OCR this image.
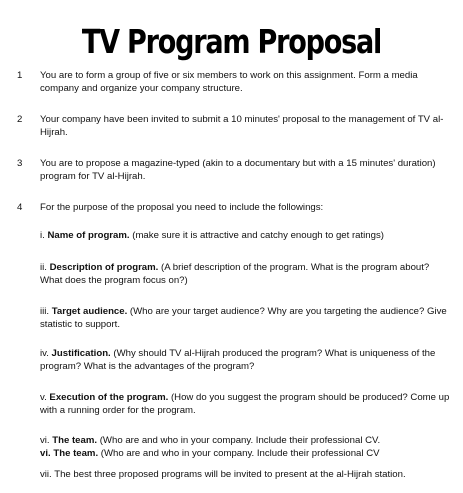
TV Program Proposal
1 You are to form a group of five or six members to work on this assignment. Form a media company and organize your company structure.
2 Your company have been invited to submit a 10 minutes' proposal to the management of TV al-Hijrah.
3 You are to propose a magazine-typed (akin to a documentary but with a 15 minutes' duration) program for TV al-Hijrah.
4 For the purpose of the proposal you need to include the followings:
i. Name of program. (make sure it is attractive and catchy enough to get ratings)
ii. Description of program. (A brief description of the program. What is the program about? What does the program focus on?)
iii. Target audience. (Who are your target audience? Why are you targeting the audience? Give statistic to support.
iv. Justification. (Why should TV al-Hijrah produced the program? What is uniqueness of the program? What is the advantages of the program?
v. Execution of the program. (How do you suggest the program should be produced? Come up with a running order for the program.
vi. The team. (Who are and who in your company. Include their professional CV.
vi. The team. (Who are and who in your company. Include their professional CV
vii. The best three proposed programs will be invited to present at the al-Hijrah station.
